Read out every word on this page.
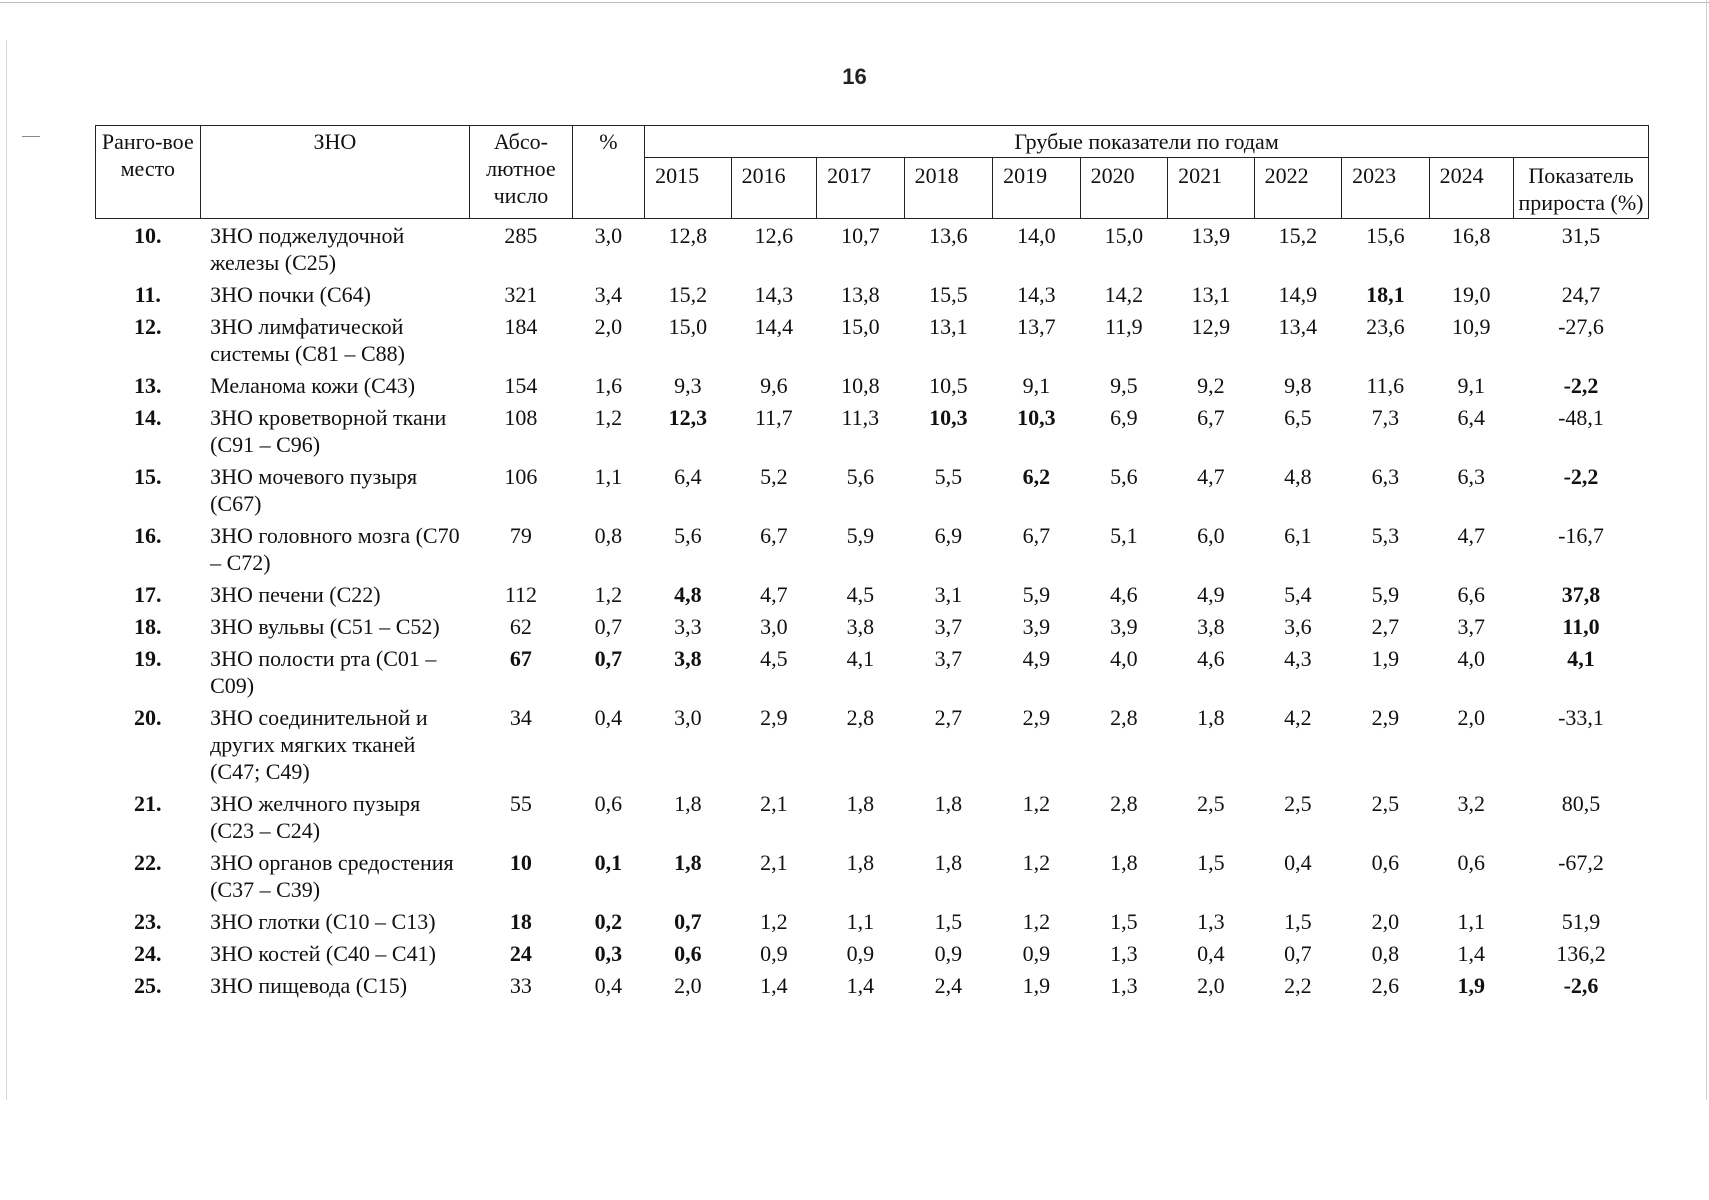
16
Ранго-вое место	ЗНО	Абсо-лютное число	%	Грубые показатели по годам										
				2015	2016	2017	2018	2019	2020	2021	2022	2023	2024	Показатель прироста (%)
10.	ЗНО поджелудочной железы (С25)	285	3,0	12,8	12,6	10,7	13,6	14,0	15,0	13,9	15,2	15,6	16,8	31,5
11.	ЗНО почки (С64)	321	3,4	15,2	14,3	13,8	15,5	14,3	14,2	13,1	14,9	18,1	19,0	24,7
12.	ЗНО лимфатической системы (С81 – С88)	184	2,0	15,0	14,4	15,0	13,1	13,7	11,9	12,9	13,4	23,6	10,9	-27,6
13.	Меланома кожи (С43)	154	1,6	9,3	9,6	10,8	10,5	9,1	9,5	9,2	9,8	11,6	9,1	-2,2
14.	ЗНО кроветворной ткани (С91 – С96)	108	1,2	12,3	11,7	11,3	10,3	10,3	6,9	6,7	6,5	7,3	6,4	-48,1
15.	ЗНО мочевого пузыря (С67)	106	1,1	6,4	5,2	5,6	5,5	6,2	5,6	4,7	4,8	6,3	6,3	-2,2
16.	ЗНО головного мозга (С70 – С72)	79	0,8	5,6	6,7	5,9	6,9	6,7	5,1	6,0	6,1	5,3	4,7	-16,7
17.	ЗНО печени (С22)	112	1,2	4,8	4,7	4,5	3,1	5,9	4,6	4,9	5,4	5,9	6,6	37,8
18.	ЗНО вульвы (С51 – С52)	62	0,7	3,3	3,0	3,8	3,7	3,9	3,9	3,8	3,6	2,7	3,7	11,0
19.	ЗНО полости рта (С01 – С09)	67	0,7	3,8	4,5	4,1	3,7	4,9	4,0	4,6	4,3	1,9	4,0	4,1
20.	ЗНО соединительной и других мягких тканей (С47; С49)	34	0,4	3,0	2,9	2,8	2,7	2,9	2,8	1,8	4,2	2,9	2,0	-33,1
21.	ЗНО желчного пузыря (С23 – С24)	55	0,6	1,8	2,1	1,8	1,8	1,2	2,8	2,5	2,5	2,5	3,2	80,5
22.	ЗНО органов средостения (С37 – С39)	10	0,1	1,8	2,1	1,8	1,8	1,2	1,8	1,5	0,4	0,6	0,6	-67,2
23.	ЗНО глотки (С10 – С13)	18	0,2	0,7	1,2	1,1	1,5	1,2	1,5	1,3	1,5	2,0	1,1	51,9
24.	ЗНО костей (С40 – С41)	24	0,3	0,6	0,9	0,9	0,9	0,9	1,3	0,4	0,7	0,8	1,4	136,2
25.	ЗНО пищевода (С15)	33	0,4	2,0	1,4	1,4	2,4	1,9	1,3	2,0	2,2	2,6	1,9	-2,6
